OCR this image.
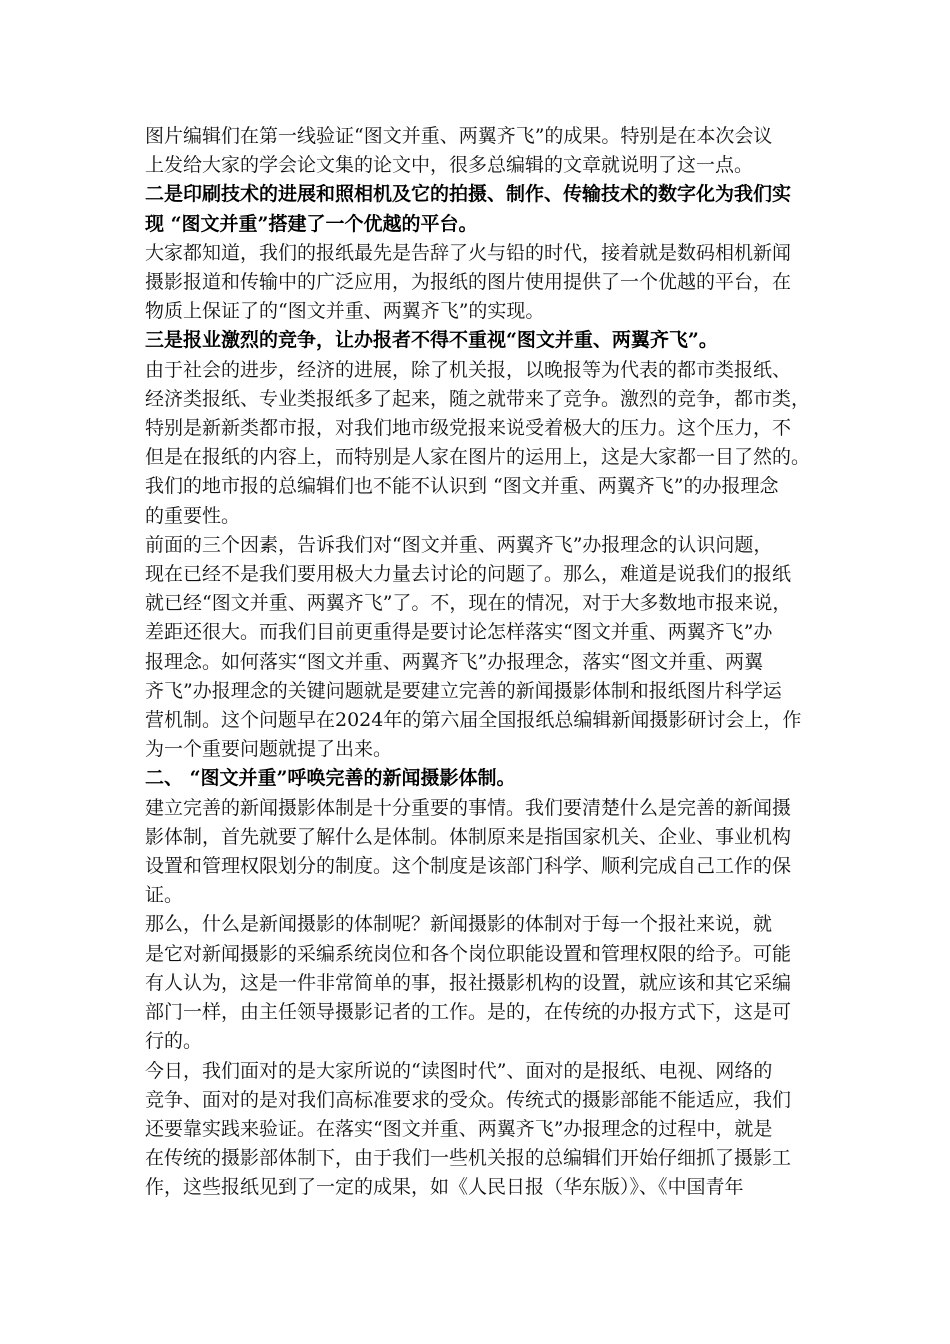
图片编辑们在第一线验证“图文并重、两翼齐飞”的成果。特别是在本次会议
上发给大家的学会论文集的论文中，很多总编辑的文章就说明了这一点。
二是印刷技术的进展和照相机及它的拍摄、制作、传输技术的数字化为我们实
现 “图文并重”搭建了一个优越的平台。
大家都知道，我们的报纸最先是告辞了火与铅的时代，接着就是数码相机新闻
摄影报道和传输中的广泛应用，为报纸的图片使用提供了一个优越的平台，在
物质上保证了的“图文并重、两翼齐飞”的实现。
三是报业激烈的竞争，让办报者不得不重视“图文并重、两翼齐飞”。
由于社会的进步，经济的进展，除了机关报，以晚报等为代表的都市类报纸、
经济类报纸、专业类报纸多了起来，随之就带来了竞争。激烈的竞争，都市类，
特别是新新类都市报，对我们地市级党报来说受着极大的压力。这个压力，不
但是在报纸的内容上，而特别是人家在图片的运用上，这是大家都一目了然的。
我们的地市报的总编辑们也不能不认识到 “图文并重、两翼齐飞”的办报理念
的重要性。
前面的三个因素，告诉我们对“图文并重、两翼齐飞”办报理念的认识问题，
现在已经不是我们要用极大力量去讨论的问题了。那么，难道是说我们的报纸
就已经“图文并重、两翼齐飞”了。不，现在的情况，对于大多数地市报来说，
差距还很大。而我们目前更重得是要讨论怎样落实“图文并重、两翼齐飞”办
报理念。如何落实“图文并重、两翼齐飞”办报理念，落实“图文并重、两翼
齐飞”办报理念的关键问题就是要建立完善的新闻摄影体制和报纸图片科学运
营机制。这个问题早在2024年的第六届全国报纸总编辑新闻摄影研讨会上，作
为一个重要问题就提了出来。
二、 “图文并重”呼唤完善的新闻摄影体制。
建立完善的新闻摄影体制是十分重要的事情。我们要清楚什么是完善的新闻摄
影体制，首先就要了解什么是体制。体制原来是指国家机关、企业、事业机构
设置和管理权限划分的制度。这个制度是该部门科学、顺利完成自己工作的保
证。
那么，什么是新闻摄影的体制呢？新闻摄影的体制对于每一个报社来说，就
是它对新闻摄影的采编系统岗位和各个岗位职能设置和管理权限的给予。可能
有人认为，这是一件非常简单的事，报社摄影机构的设置，就应该和其它采编
部门一样，由主任领导摄影记者的工作。是的，在传统的办报方式下，这是可
行的。
今日，我们面对的是大家所说的“读图时代”、面对的是报纸、电视、网络的
竞争、面对的是对我们高标准要求的受众。传统式的摄影部能不能适应，我们
还要靠实践来验证。在落实“图文并重、两翼齐飞”办报理念的过程中，就是
在传统的摄影部体制下，由于我们一些机关报的总编辑们开始仔细抓了摄影工
作，这些报纸见到了一定的成果，如《人民日报（华东版）》、《中国青年
